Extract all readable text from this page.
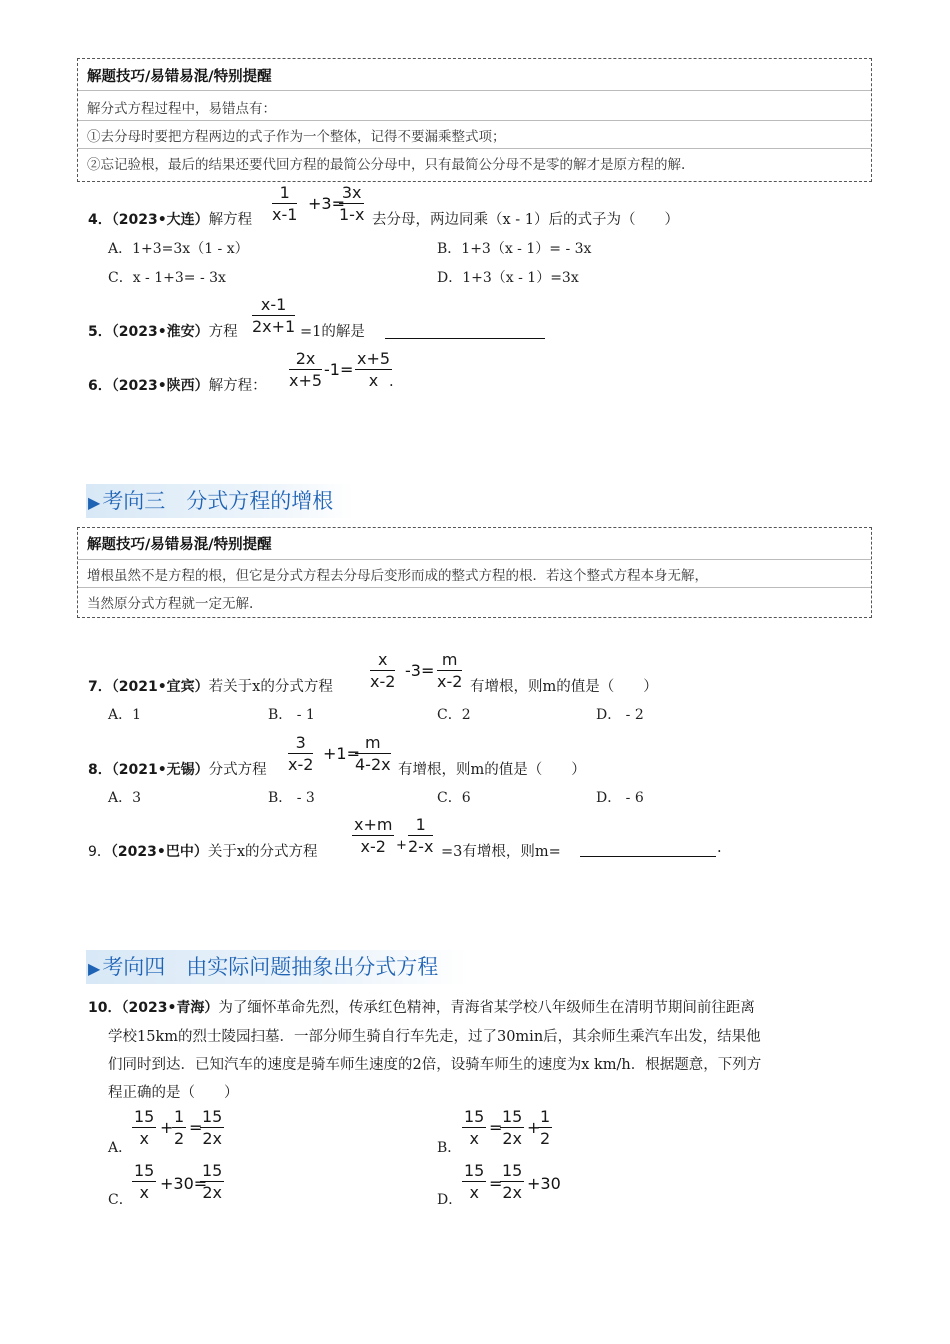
解题技巧/易错易混/特别提醒
解分式方程过程中，易错点有：
①去分母时要把方程两边的式子作为一个整体，记得不要漏乘整式项；
②忘记验根，最后的结果还要代回方程的最简公分母中，只有最简公分母不是零的解才是原方程的解.
4．（2023•大连）解方程 $\frac{1}{x-1} +3=$
$\frac{3x}{1-x}$ 去分母，两边同乘（x - 1）后的式子为（　　）
A．1+3=3x（1 - x）	B．1+3（x - 1）= - 3x
C．x - 1+3= - 3x	D．1+3（x - 1）=3x
5．（2023•淮安）方程 $\frac{x-1}{2x+1} =1$的解是
6．（2023•陕西）解方程： $\frac{2x}{x+5} -1= \frac{x+5}{x}$
.
▶考向三　分式方程的增根
解题技巧/易错易混/特别提醒
增根虽然不是方程的根，但它是分式方程去分母后变形而成的整式方程的根．若这个整式方程本身无解，
当然原分式方程就一定无解.
7．（2021•宜宾）若关于x的分式方程 $\frac{x}{x-2} -3= \frac{m}{x-2}$ 有增根，则m的值是（　　）
A．1	B． - 1	C．2	D． - 2
8．（2021•无锡）分式方程 $\frac{3}{x-2} +1=$
$\frac{m}{4-2x}$ 有增根，则m的值是（　　）
A．3	B． - 3	C．6	D． - 6
9．（2023•巴中）关于x的分式方程 $\frac{x+m}{x-2} + \frac{1}{2-x} =3$有增根，则m=	.
▶考向四　由实际问题抽象出分式方程
10．（2023•青海）为了缅怀革命先烈，传承红色精神，青海省某学校八年级师生在清明节期间前往距离
学校15km的烈士陵园扫墓．一部分师生骑自行车先走，过了30min后，其余师生乘汽车出发，结果他
们同时到达．已知汽车的速度是骑车师生速度的2倍，设骑车师生的速度为x km/h．根据题意，下列方
程正确的是（　　）
A． $\frac{15}{x}$ +
$\frac{1}{2}$ =
$\frac{15}{2x}$	B． $\frac{15}{x}$ =
$\frac{15}{2x}$ +
$\frac{1}{2}$
C． $\frac{15}{x} +30=$
$\frac{15}{2x}$	D． $\frac{15}{x}$ =
$\frac{15}{2x} +30$
